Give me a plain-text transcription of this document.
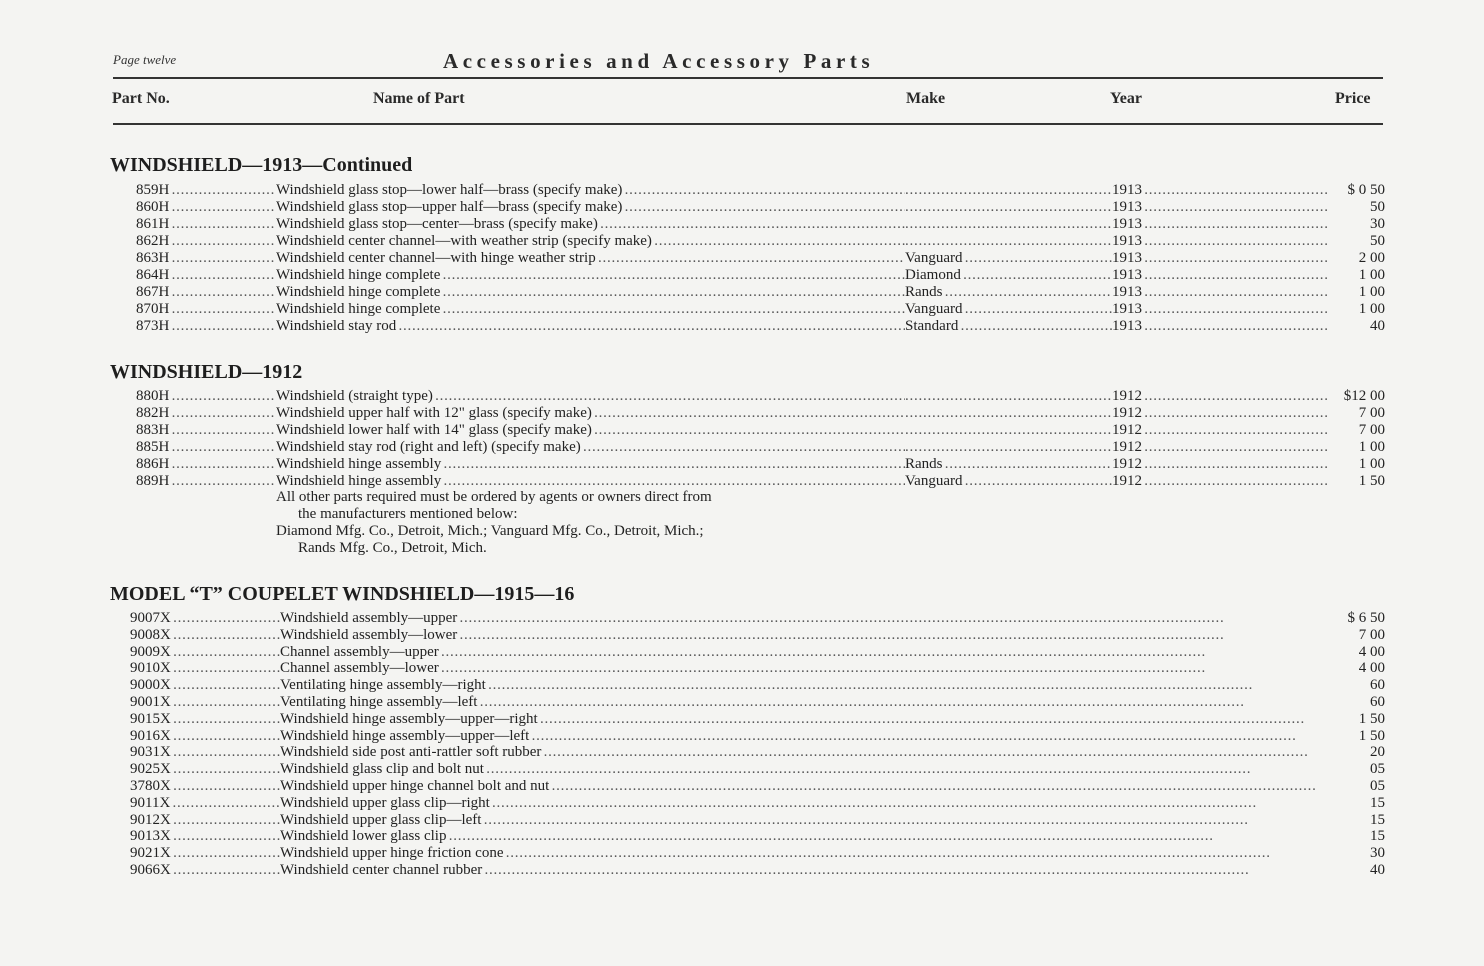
Page twelve	Accessories and Accessory Parts
Part No.	Name of Part	Make	Year	Price
WINDSHIELD—1913—Continued
859H . . .	Windshield glass stop—lower half—brass (specify make) . . . . . .	1913 . . .	$ 0 50
860H . . .	Windshield glass stop—upper half—brass (specify make) . . . . . .	1913 . . .	50
861H . . .	Windshield glass stop—center—brass (specify make) . . . . . .	1913 . . .	30
862H . . .	Windshield center channel—with weather strip (specify make) . . . . . .	1913 . . .	50
863H . . .	Windshield center channel—with hinge weather strip . . .	Vanguard . . .	1913 . . .	2 00
864H . . .	Windshield hinge complete . . .	Diamond . . .	1913 . . .	1 00
867H . . .	Windshield hinge complete . . .	Rands . . .	1913 . . .	1 00
870H . . .	Windshield hinge complete . . .	Vanguard . . .	1913 . . .	1 00
873H . . .	Windshield stay rod . . .	Standard . . .	1913 . . .	40
WINDSHIELD—1912
880H . . .	Windshield (straight type) . . . . . .	1912 . . .	$12 00
882H . . .	Windshield upper half with 12" glass (specify make) . . . . . .	1912 . . .	7 00
883H . . .	Windshield lower half with 14" glass (specify make) . . . . . .	1912 . . .	7 00
885H . . .	Windshield stay rod (right and left) (specify make) . . . . . .	1912 . . .	1 00
886H . . .	Windshield hinge assembly . . .	Rands . . .	1912 . . .	1 00
889H . . .	Windshield hinge assembly . . .	Vanguard . . .	1912 . . .	1 50
All other parts required must be ordered by agents or owners direct from
the manufacturers mentioned below:
Diamond Mfg. Co., Detroit, Mich.; Vanguard Mfg. Co., Detroit, Mich.;
Rands Mfg. Co., Detroit, Mich.
MODEL “T” COUPELET WINDSHIELD—1915—16
9007X . . .	Windshield assembly—upper . . .	$ 6 50
9008X . . .	Windshield assembly—lower . . .	7 00
9009X . . .	Channel assembly—upper . . .	4 00
9010X . . .	Channel assembly—lower . . .	4 00
9000X . . .	Ventilating hinge assembly—right . . .	60
9001X . . .	Ventilating hinge assembly—left . . .	60
9015X . . .	Windshield hinge assembly—upper—right . . .	1 50
9016X . . .	Windshield hinge assembly—upper—left . . .	1 50
9031X . . .	Windshield side post anti-rattler soft rubber . . .	20
9025X . . .	Windshield glass clip and bolt nut . . .	05
3780X . . .	Windshield upper hinge channel bolt and nut . . .	05
9011X . . .	Windshield upper glass clip—right . . .	15
9012X . . .	Windshield upper glass clip—left . . .	15
9013X . . .	Windshield lower glass clip . . .	15
9021X . . .	Windshield upper hinge friction cone . . .	30
9066X . . .	Windshield center channel rubber . . .	40
